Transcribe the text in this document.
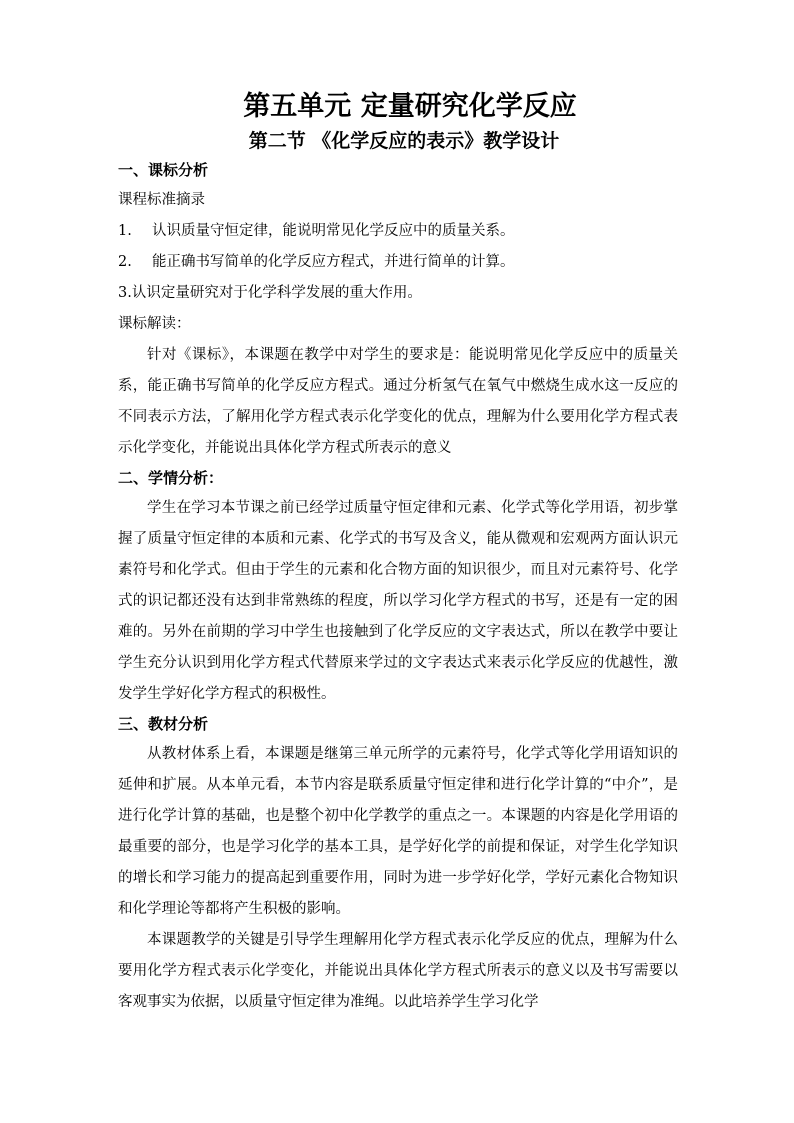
第五单元 定量研究化学反应
第二节 《化学反应的表示》教学设计
一、课标分析
课程标准摘录
1.	认识质量守恒定律，能说明常见化学反应中的质量关系。
2.	能正确书写简单的化学反应方程式，并进行简单的计算。
3.认识定量研究对于化学科学发展的重大作用。
课标解读：
针对《课标》，本课题在教学中对学生的要求是：能说明常见化学反应中的质量关系，能正确书写简单的化学反应方程式。通过分析氢气在氧气中燃烧生成水这一反应的不同表示方法，了解用化学方程式表示化学变化的优点，理解为什么要用化学方程式表示化学变化，并能说出具体化学方程式所表示的意义
二、学情分析：
学生在学习本节课之前已经学过质量守恒定律和元素、化学式等化学用语，初步掌握了质量守恒定律的本质和元素、化学式的书写及含义，能从微观和宏观两方面认识元素符号和化学式。但由于学生的元素和化合物方面的知识很少，而且对元素符号、化学式的识记都还没有达到非常熟练的程度，所以学习化学方程式的书写，还是有一定的困难的。另外在前期的学习中学生也接触到了化学反应的文字表达式，所以在教学中要让学生充分认识到用化学方程式代替原来学过的文字表达式来表示化学反应的优越性，激发学生学好化学方程式的积极性。
三、教材分析
从教材体系上看，本课题是继第三单元所学的元素符号，化学式等化学用语知识的延伸和扩展。从本单元看，本节内容是联系质量守恒定律和进行化学计算的“中介”，是进行化学计算的基础，也是整个初中化学教学的重点之一。本课题的内容是化学用语的最重要的部分，也是学习化学的基本工具，是学好化学的前提和保证，对学生化学知识的增长和学习能力的提高起到重要作用，同时为进一步学好化学，学好元素化合物知识和化学理论等都将产生积极的影响。
本课题教学的关键是引导学生理解用化学方程式表示化学反应的优点，理解为什么要用化学方程式表示化学变化，并能说出具体化学方程式所表示的意义以及书写需要以客观事实为依据，以质量守恒定律为准绳。以此培养学生学习化学
